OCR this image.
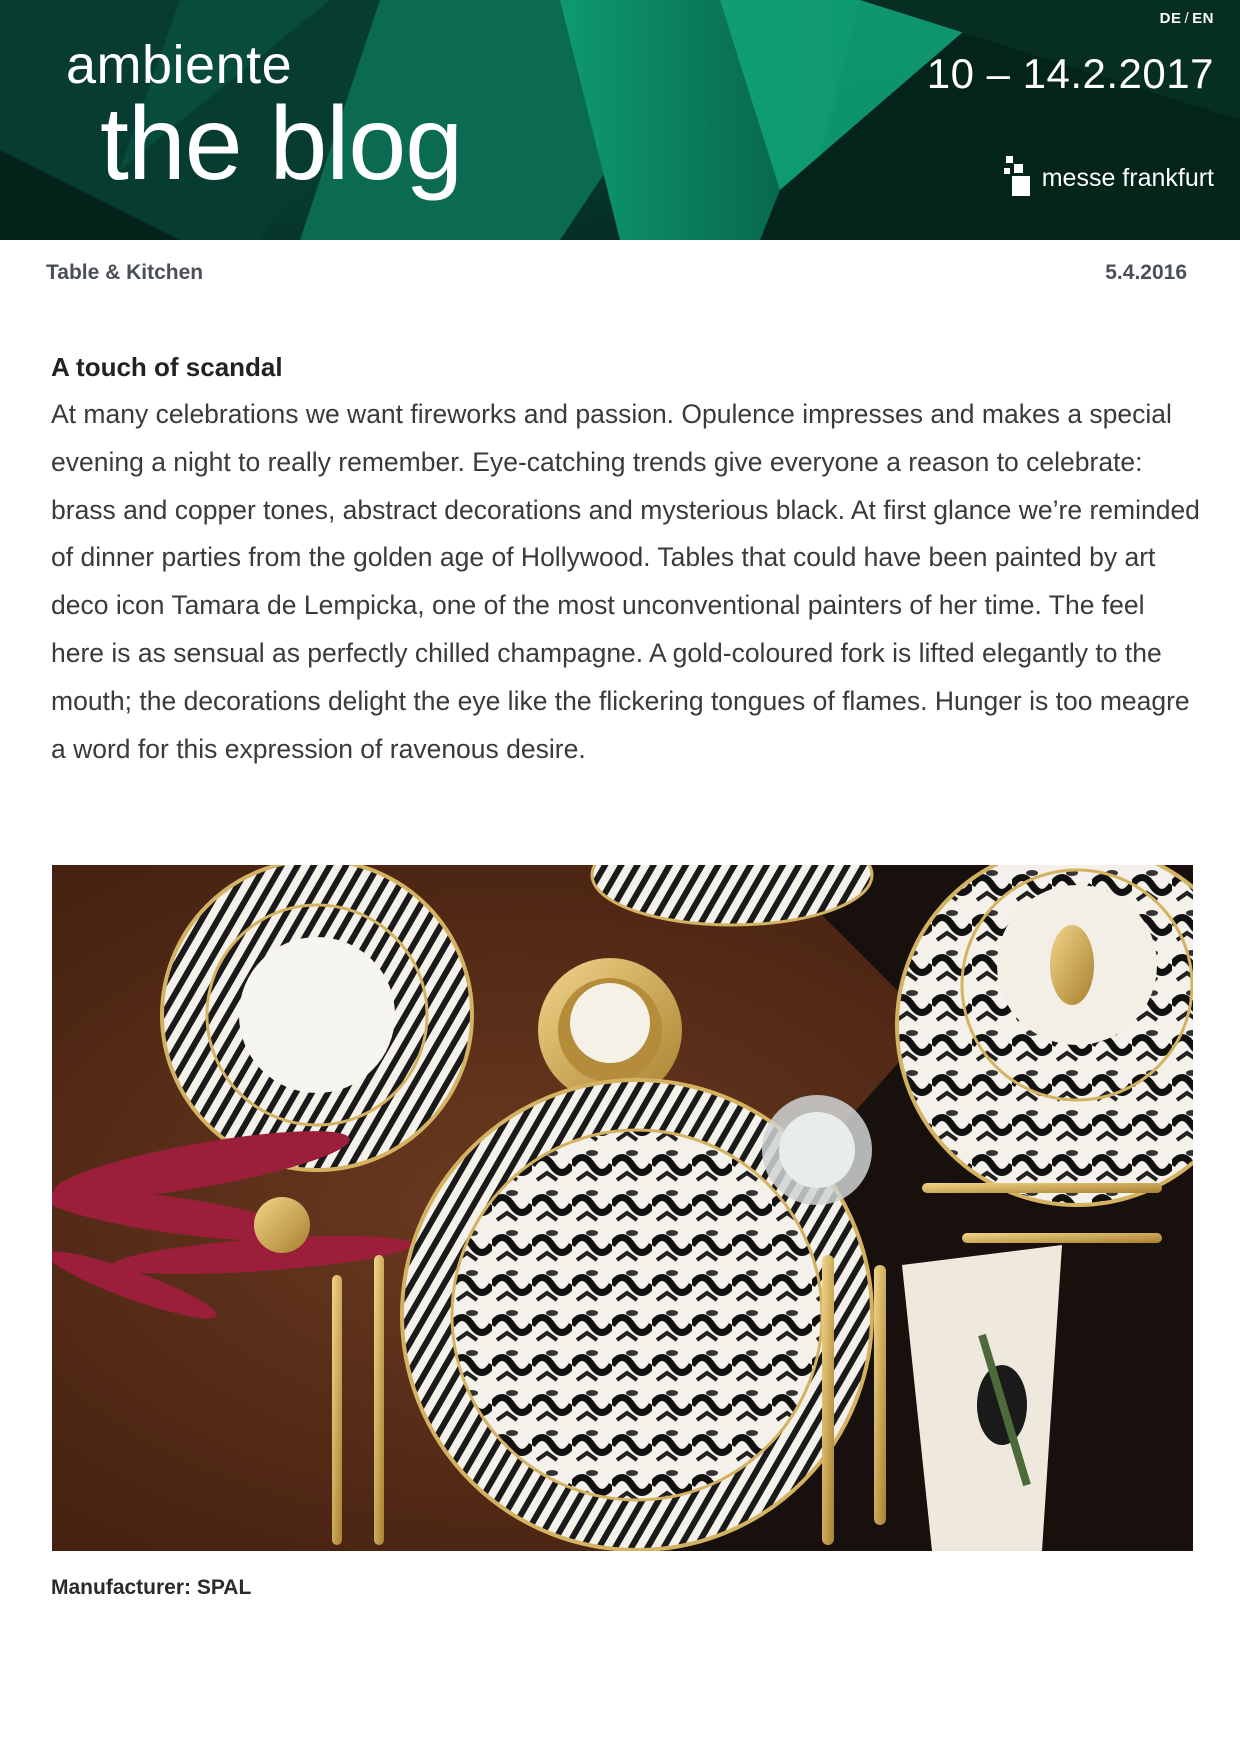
ambiente
the blog
DE / EN
10 – 14.2.2017
messe frankfurt
Table & Kitchen	5.4.2016
A touch of scandal

At many celebrations we want fireworks and passion. Opulence impresses and makes a special evening a night to really remember. Eye-catching trends give everyone a reason to celebrate: brass and copper tones, abstract decorations and mysterious black. At first glance we’re reminded of dinner parties from the golden age of Hollywood. Tables that could have been painted by art deco icon Tamara de Lempicka, one of the most unconventional painters of her time. The feel here is as sensual as perfectly chilled champagne. A gold-coloured fork is lifted elegantly to the mouth; the decorations delight the eye like the flickering tongues of flames. Hunger is too meagre a word for this expression of ravenous desire.

Manufacturer: SPAL
